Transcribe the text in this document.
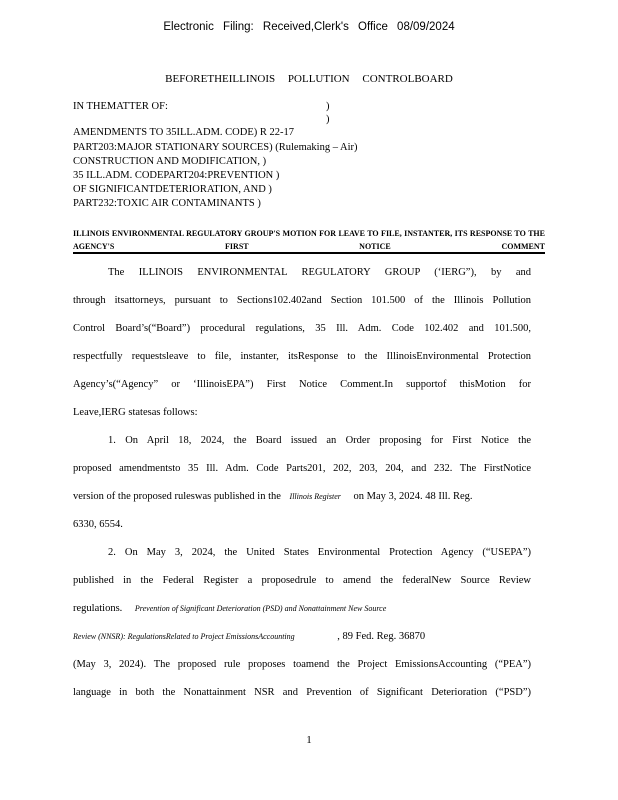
Electronic Filing: Received,Clerk's Office 08/09/2024
BEFORETHEILLINOIS POLLUTION CONTROLBOARD
IN THEMATTER OF:	)
)
AMENDMENTS TO 35ILL.ADM. CODE) R 22-17
PART203:MAJOR STATIONARY SOURCES) (Rulemaking – Air)
CONSTRUCTION AND MODIFICATION, )
35 ILL.ADM. CODEPART204:PREVENTION )
OF SIGNIFICANTDETERIORATION, AND )
PART232:TOXIC AIR CONTAMINANTS )
ILLINOIS ENVIRONMENTAL REGULATORY GROUP'S MOTION FOR LEAVE TO FILE, INSTANTER, ITS RESPONSE TO THE AGENCY'S FIRST NOTICE COMMENT
The ILLINOIS ENVIRONMENTAL REGULATORY GROUP (‘IERG”), by and
through itsattorneys, pursuant to Sections102.402and Section 101.500 of the Illinois Pollution
Control Board’s(“Board”) procedural regulations, 35 Ill. Adm. Code 102.402 and 101.500,
respectfully requestsleave to file, instanter, itsResponse to the IllinoisEnvironmental Protection
Agency’s(“Agency” or ‘IllinoisEPA”) First Notice Comment.In supportof thisMotion for
Leave,IERG statesas follows:
1. On April 18, 2024, the Board issued an Order proposing for First Notice the
proposed amendmentsto 35 Ill. Adm. Code Parts201, 202, 203, 204, and 232. The FirstNotice
version of the proposed ruleswas published in the Illinois Register on May 3, 2024. 48 Ill. Reg.
6330, 6554.
2. On May 3, 2024, the United States Environmental Protection Agency (“USEPA”)
published in the Federal Register a proposedrule to amend the federalNew Source Review
regulations. Prevention of Significant Deterioration (PSD) and Nonattainment New Source
Review (NNSR): RegulationsRelated to Project EmissionsAccounting	, 89 Fed. Reg. 36870
(May 3, 2024). The proposed rule proposes toamend the Project EmissionsAccounting (“PEA”)
language in both the Nonattainment NSR and Prevention of Significant Deterioration (“PSD”)
1
